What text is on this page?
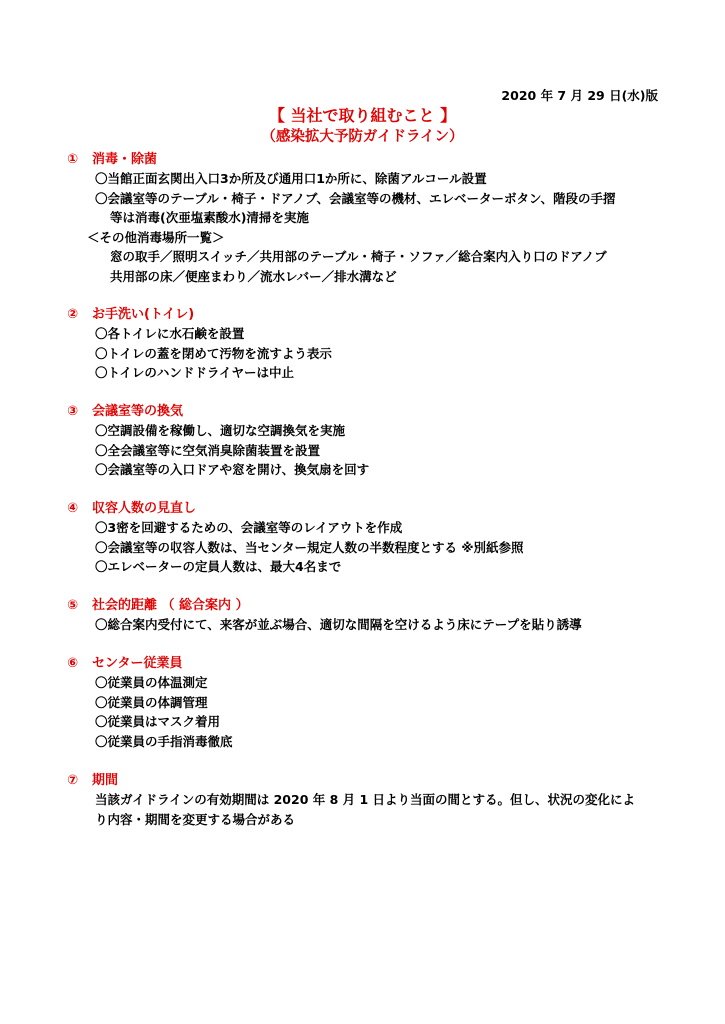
2020 年 7 月 29 日(水)版
【 当社で取り組むこと 】
（感染拡大予防ガイドライン）
①	消毒・除菌
〇当館正面玄関出入口3か所及び通用口1か所に、除菌アルコール設置
〇会議室等のテーブル・椅子・ドアノブ、会議室等の機材、エレベーターボタン、階段の手摺
等は消毒(次亜塩素酸水)清掃を実施
＜その他消毒場所一覧＞
窓の取手／照明スイッチ／共用部のテーブル・椅子・ソファ／総合案内入り口のドアノブ
共用部の床／便座まわり／流水レバー／排水溝など
②	お手洗い(トイレ)
〇各トイレに水石鹸を設置
〇トイレの蓋を閉めて汚物を流すよう表示
〇トイレのハンドドライヤーは中止
③	会議室等の換気
〇空調設備を稼働し、適切な空調換気を実施
〇全会議室等に空気消臭除菌装置を設置
〇会議室等の入口ドアや窓を開け、換気扇を回す
④	収容人数の見直し
〇3密を回避するための、会議室等のレイアウトを作成
〇会議室等の収容人数は、当センター規定人数の半数程度とする ※別紙参照
〇エレベーターの定員人数は、最大4名まで
⑤	社会的距離 （ 総合案内 ）
〇総合案内受付にて、来客が並ぶ場合、適切な間隔を空けるよう床にテープを貼り誘導
⑥	センター従業員
〇従業員の体温測定
〇従業員の体調管理
〇従業員はマスク着用
〇従業員の手指消毒徹底
⑦	期間
当該ガイドラインの有効期間は 2020 年 8 月 1 日より当面の間とする。但し、状況の変化によ
り内容・期間を変更する場合がある
